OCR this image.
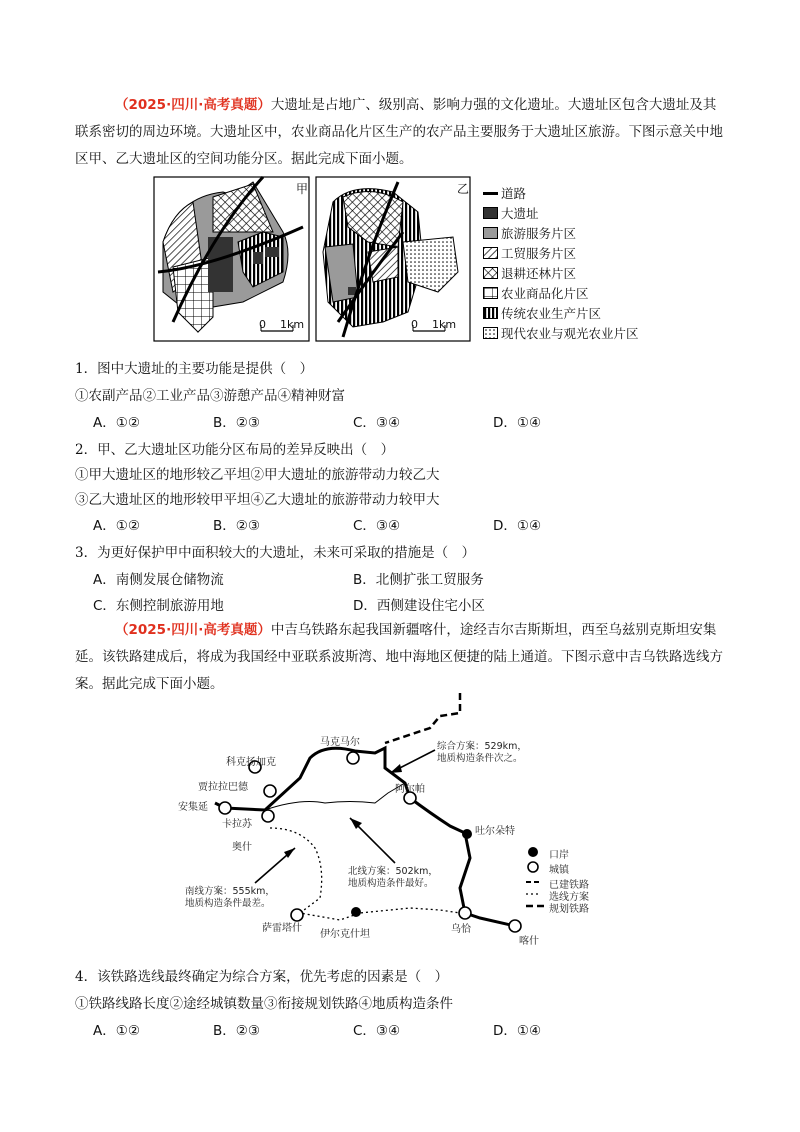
（2025·四川·高考真题）大遗址是占地广、级别高、影响力强的文化遗址。大遗址区包含大遗址及其联系密切的周边环境。大遗址区中，农业商品化片区生产的农产品主要服务于大遗址区旅游。下图示意关中地区甲、乙大遗址区的空间功能分区。据此完成下面小题。
甲	乙
0    1km	0    1km
道路
大遗址
旅游服务片区
工贸服务片区
退耕还林片区
农业商品化片区
传统农业生产片区
现代农业与观光农业片区
1．图中大遗址的主要功能是提供（　）
①农副产品②工业产品③游憩产品④精神财富
A．①②	B．②③	C．③④	D．①④
2．甲、乙大遗址区功能分区布局的差异反映出（　）
①甲大遗址区的地形较乙平坦②甲大遗址的旅游带动力较乙大
③乙大遗址区的地形较甲平坦④乙大遗址的旅游带动力较甲大
A．①②	B．②③	C．③④	D．①④
3．为更好保护甲中面积较大的大遗址，未来可采取的措施是（　）
A．南侧发展仓储物流	B．北侧扩张工贸服务
C．东侧控制旅游用地	D．西侧建设住宅小区
（2025·四川·高考真题）中吉乌铁路东起我国新疆喀什，途经吉尔吉斯斯坦，西至乌兹别克斯坦安集延。该铁路建成后，将成为我国经中亚联系波斯湾、地中海地区便捷的陆上通道。下图示意中吉乌铁路选线方案。据此完成下面小题。
马克马尔
科克扬加克
贾拉拉巴德
安集延
卡拉苏
奥什
阿尔帕
吐尔朵特
萨雷塔什	乌恰
喀什
伊尔克什坦
综合方案：529km，
地质构造条件次之。
北线方案：502km，
地质构造条件最好。
南线方案：555km，
地质构造条件最差。
口岸
城镇
已建铁路
选线方案
规划铁路
4．该铁路选线最终确定为综合方案，优先考虑的因素是（　）
①铁路线路长度②途经城镇数量③衔接规划铁路④地质构造条件
A．①②	B．②③	C．③④	D．①④
